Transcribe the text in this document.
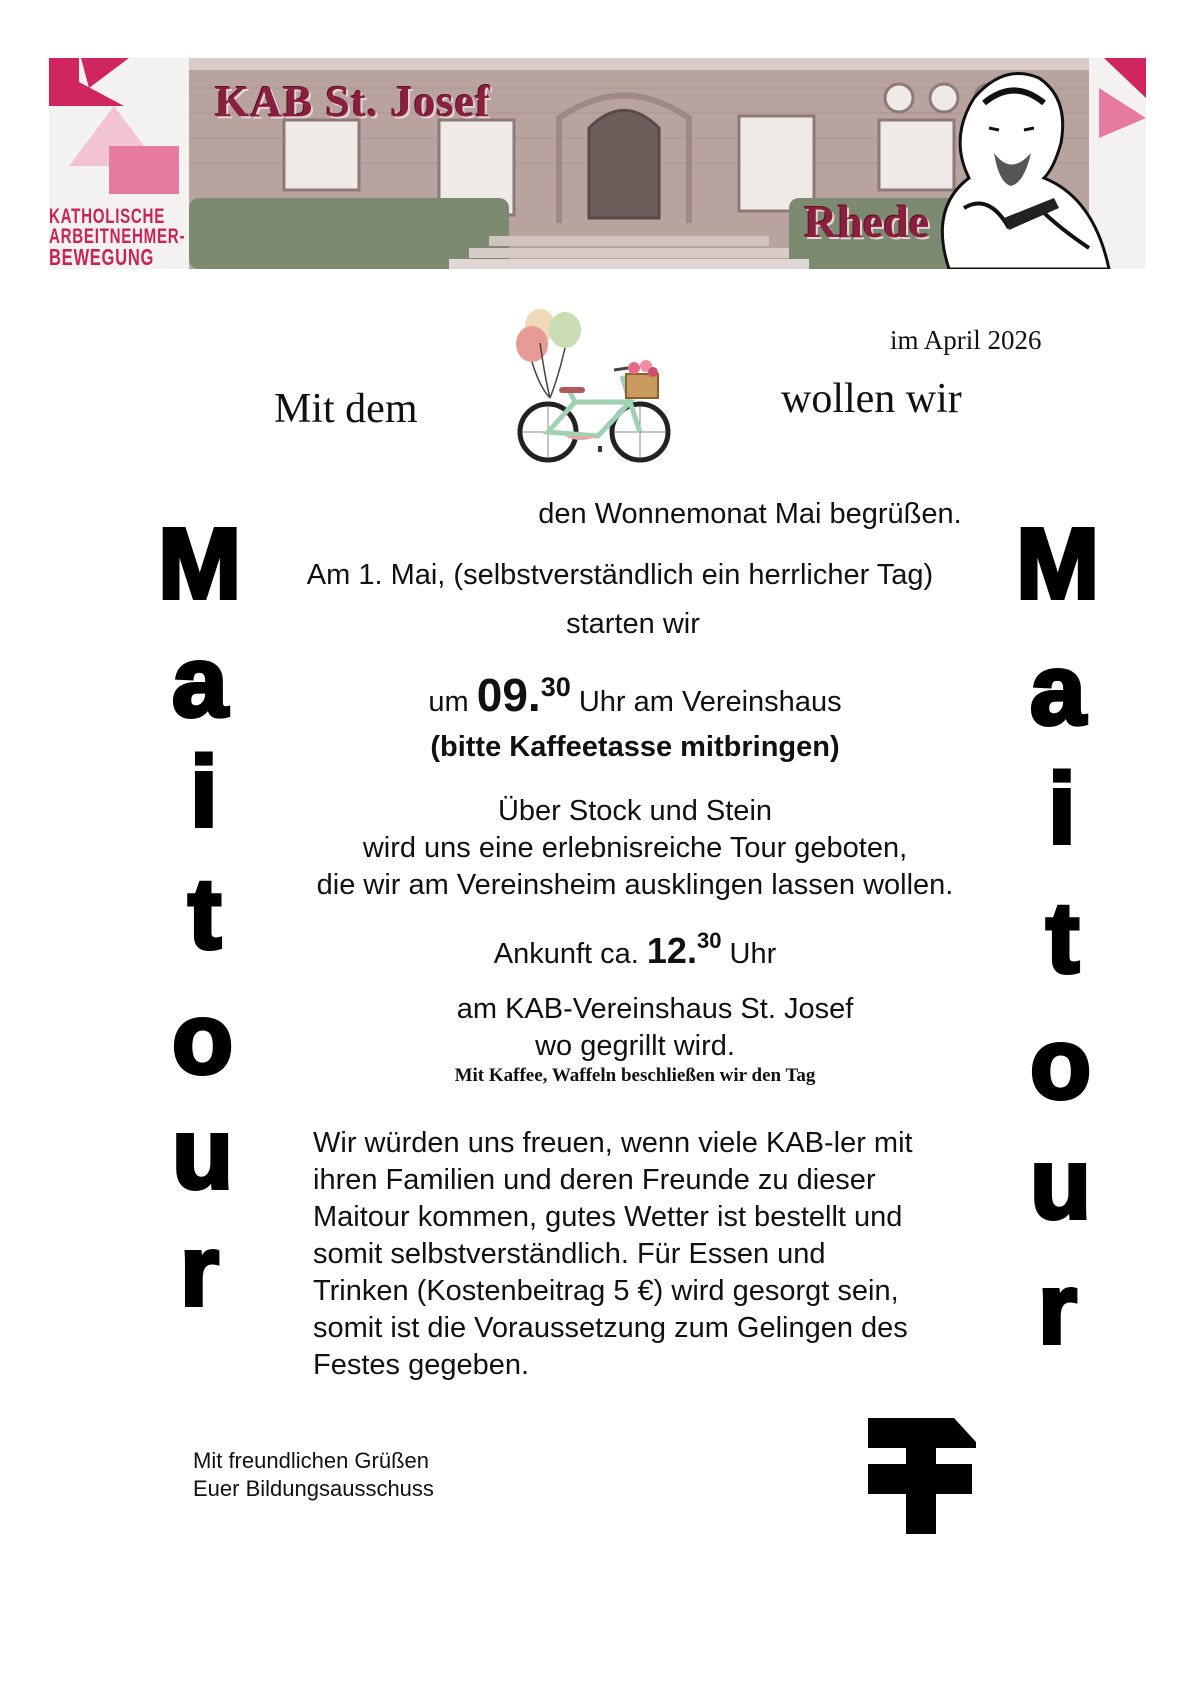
KAB St. Josef
Rhede
KATHOLISCHE
ARBEITNEHMER-
BEWEGUNG
im April 2026
Mit dem	wollen wir
M
a
i
t
o
u
r
M
a
i
t
o
u
r
den Wonnemonat Mai begrüßen.
Am 1. Mai, (selbstverständlich ein herrlicher Tag)
starten wir
um 09.30 Uhr am Vereinshaus
(bitte Kaffeetasse mitbringen)
Über Stock und Stein
wird uns eine erlebnisreiche Tour geboten,
die wir am Vereinsheim ausklingen lassen wollen.
Ankunft ca. 12.30 Uhr
am KAB-Vereinshaus St. Josef
wo gegrillt wird.
Mit Kaffee, Waffeln beschließen wir den Tag
Wir würden uns freuen, wenn viele KAB-ler mit
ihren Familien und deren Freunde zu dieser
Maitour kommen, gutes Wetter ist bestellt und
somit selbstverständlich. Für Essen und
Trinken (Kostenbeitrag 5 €) wird gesorgt sein,
somit ist die Voraussetzung zum Gelingen des
Festes gegeben.
Mit freundlichen Grüßen
Euer Bildungsausschuss
